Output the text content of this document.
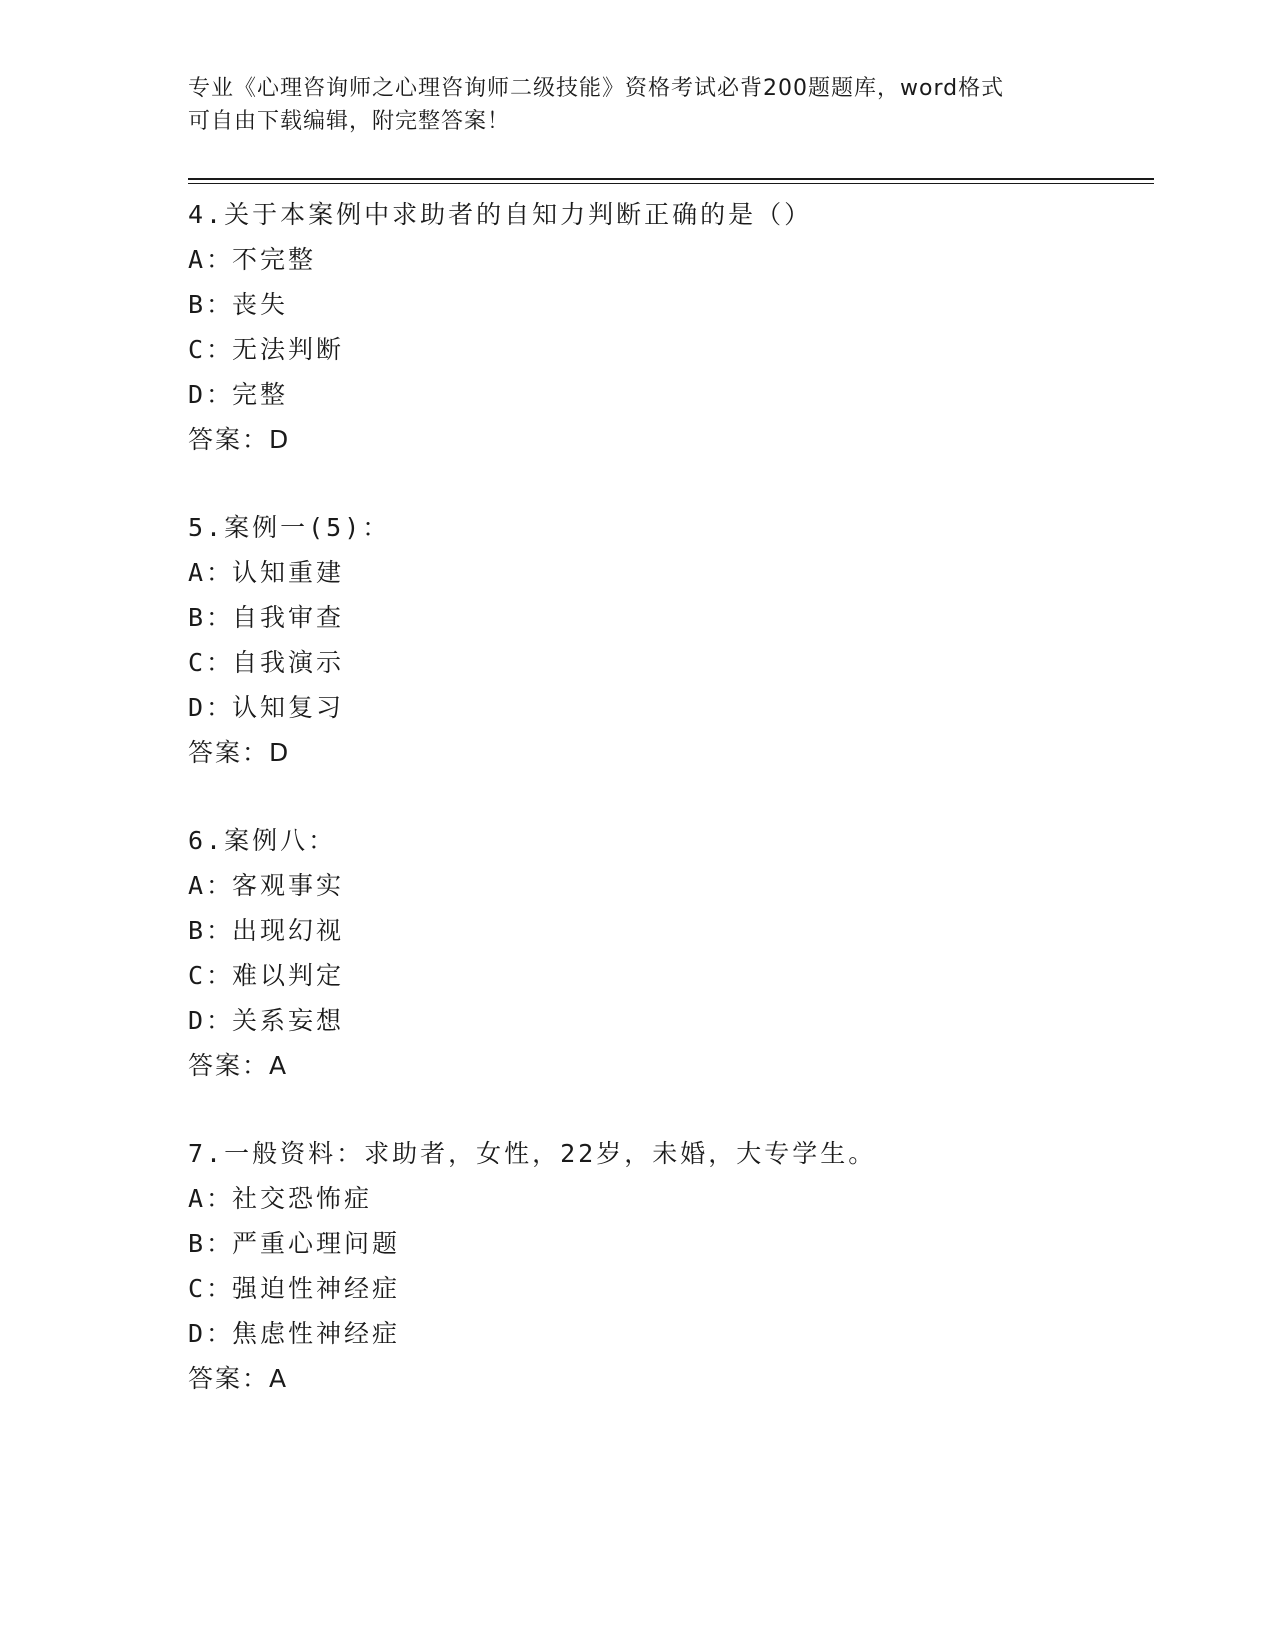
专业《心理咨询师之心理咨询师二级技能》资格考试必背200题题库，word格式
可自由下载编辑，附完整答案！
4.关于本案例中求助者的自知力判断正确的是（）
A：不完整
B：丧失
C：无法判断
D：完整
答案：D
5.案例一(5)：
A：认知重建
B：自我审查
C：自我演示
D：认知复习
答案：D
6.案例八：
A：客观事实
B：出现幻视
C：难以判定
D：关系妄想
答案：A
7.一般资料：求助者，女性，22岁，未婚，大专学生。
A：社交恐怖症
B：严重心理问题
C：强迫性神经症
D：焦虑性神经症
答案：A
